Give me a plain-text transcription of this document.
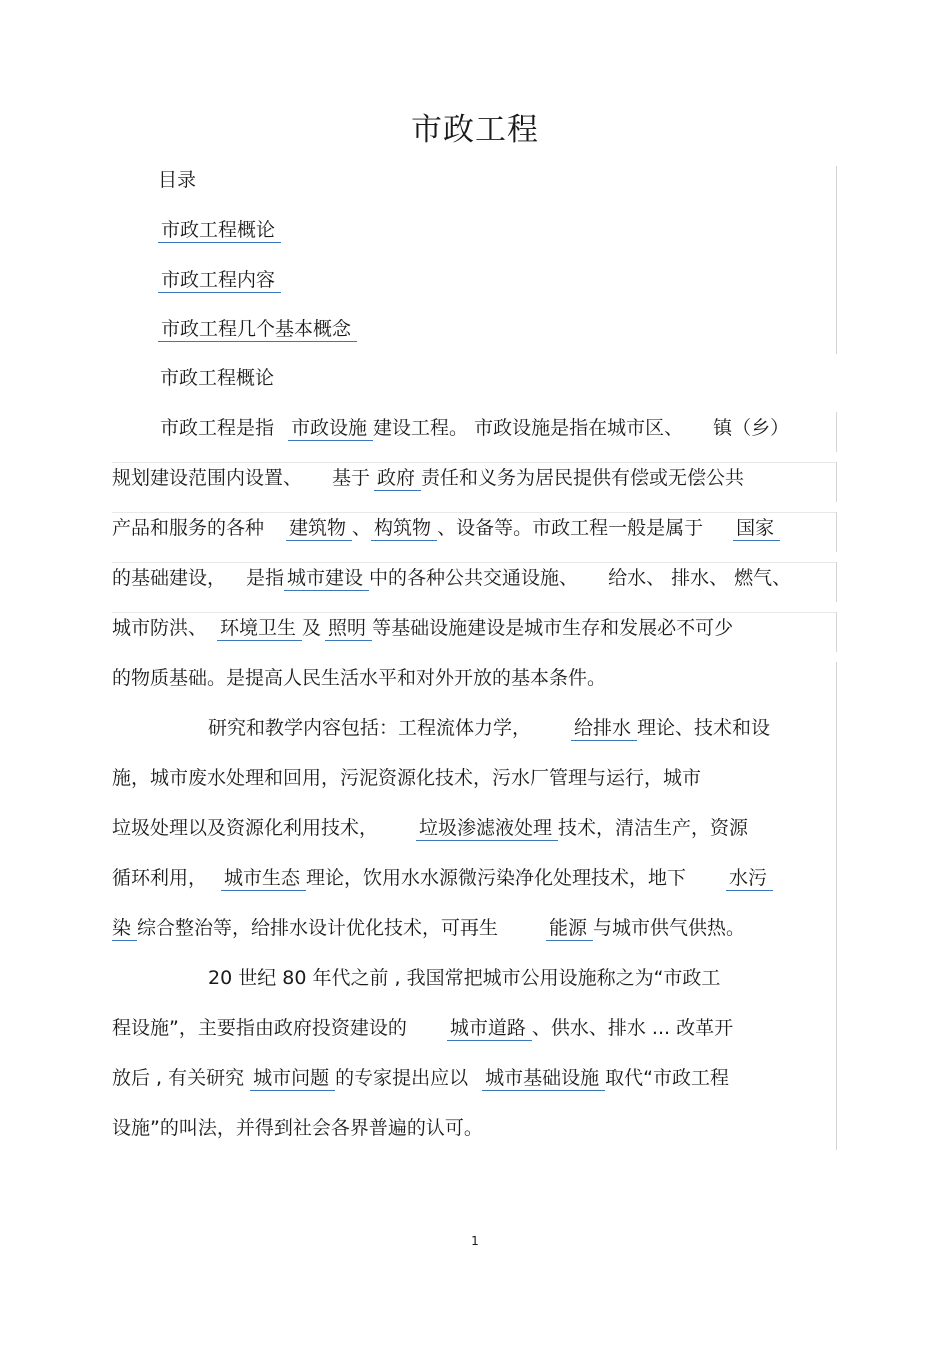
市政工程
目录
市政工程概论
市政工程内容
市政工程几个基本概念
市政工程概论
市政工程是指 市政设施 建设工程。 市政设施是指在城市区、 镇（乡）
规划建设范围内设置、 基于 政府 责任和义务为居民提供有偿或无偿公共
产品和服务的各种 建筑物 、 构筑物 、设备等。市政工程一般是属于 国家
的基础建设， 是指 城市建设 中的各种公共交通设施、 给水、 排水、 燃气、
城市防洪、 环境卫生 及 照明 等基础设施建设是城市生存和发展必不可少
的物质基础。是提高人民生活水平和对外开放的基本条件。
研究和教学内容包括：工程流体力学， 给排水 理论、技术和设
施，城市废水处理和回用，污泥资源化技术，污水厂管理与运行，城市
垃圾处理以及资源化利用技术， 垃圾渗滤液处理 技术，清洁生产，资源
循环利用， 城市生态 理论，饮用水水源微污染净化处理技术，地下 水污
染 综合整治等，给排水设计优化技术，可再生	能源 与城市供气供热。
20 世纪 80 年代之前 , 我国常把城市公用设施称之为“市政工
程设施”，主要指由政府投资建设的 城市道路 、供水、排水 ... 改革开
放后 , 有关研究 城市问题 的专家提出应以 城市基础设施 取代“市政工程
设施”的叫法，并得到社会各界普遍的认可。
1
